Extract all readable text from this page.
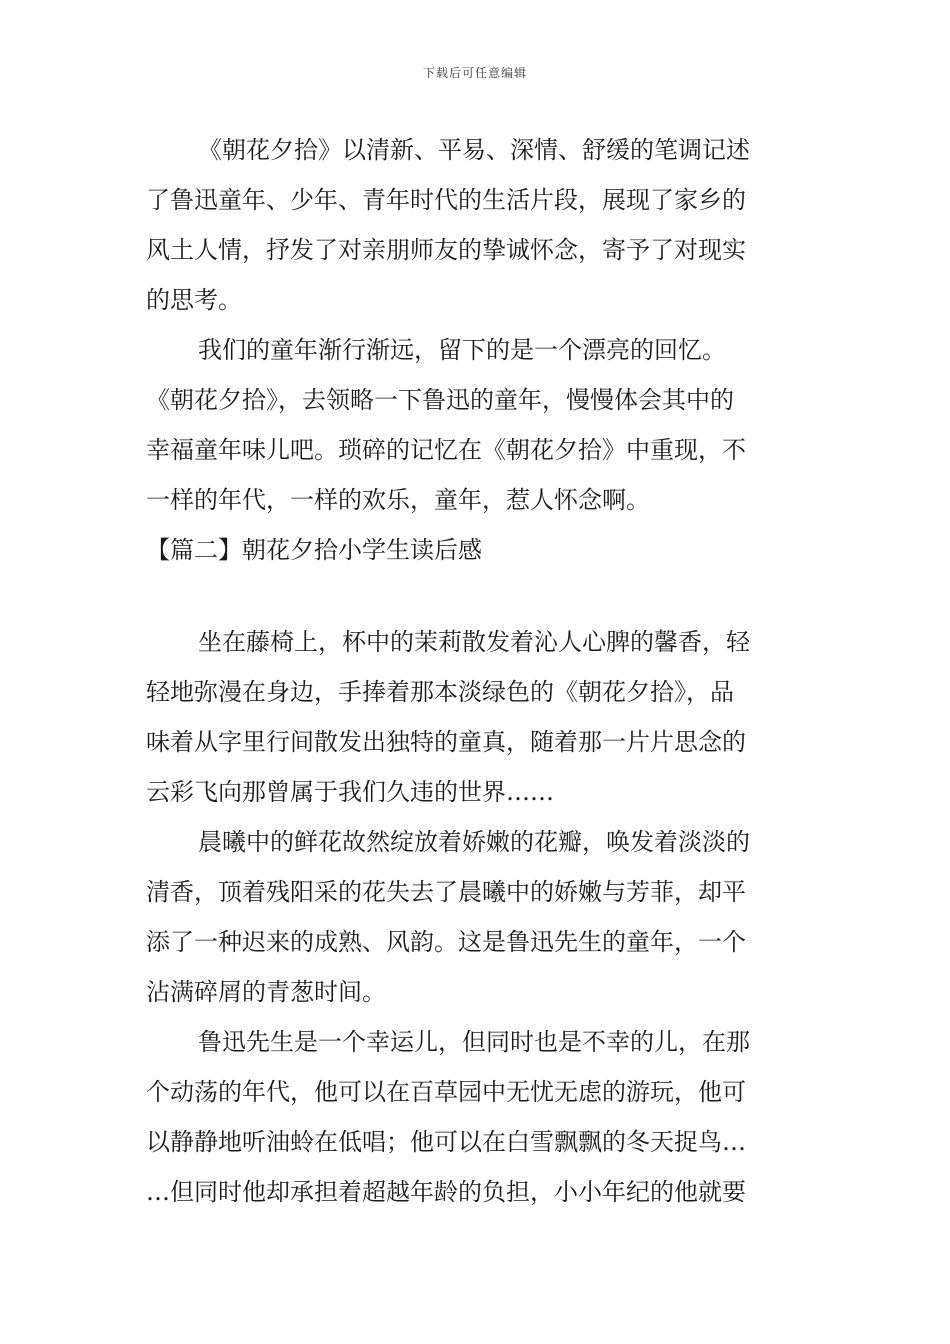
下载后可任意编辑
《朝花夕拾》以清新、平易、深情、舒缓的笔调记述
了鲁迅童年、少年、青年时代的生活片段，展现了家乡的
风土人情，抒发了对亲朋师友的挚诚怀念，寄予了对现实
的思考。
我们的童年渐行渐远，留下的是一个漂亮的回忆。
《朝花夕拾》，去领略一下鲁迅的童年，慢慢体会其中的
幸福童年味儿吧。琐碎的记忆在《朝花夕拾》中重现，不
一样的年代，一样的欢乐，童年，惹人怀念啊。
【篇二】朝花夕拾小学生读后感
坐在藤椅上，杯中的茉莉散发着沁人心脾的馨香，轻
轻地弥漫在身边，手捧着那本淡绿色的《朝花夕拾》，品
味着从字里行间散发出独特的童真，随着那一片片思念的
云彩飞向那曾属于我们久违的世界……
晨曦中的鲜花故然绽放着娇嫩的花瓣，唤发着淡淡的
清香，顶着残阳采的花失去了晨曦中的娇嫩与芳菲，却平
添了一种迟来的成熟、风韵。这是鲁迅先生的童年，一个
沾满碎屑的青葱时间。
鲁迅先生是一个幸运儿，但同时也是不幸的儿，在那
个动荡的年代，他可以在百草园中无忧无虑的游玩，他可
以静静地听油蛉在低唱；他可以在白雪飘飘的冬天捉鸟…
…但同时他却承担着超越年龄的负担，小小年纪的他就要
